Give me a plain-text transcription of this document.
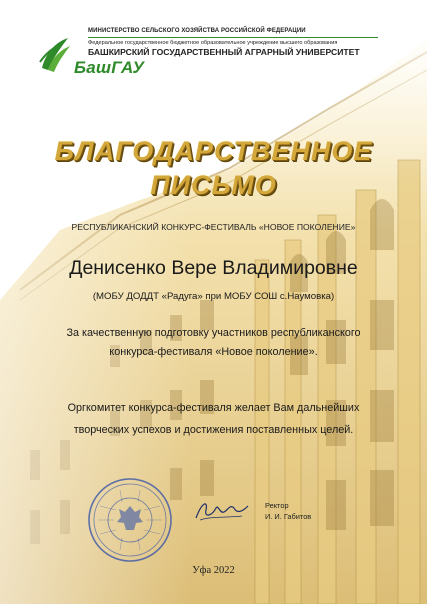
МИНИСТЕРСТВО СЕЛЬСКОГО ХОЗЯЙСТВА РОССИЙСКОЙ ФЕДЕРАЦИИ
Федеральное государственное бюджетное образовательное учреждение высшего образования
БАШКИРСКИЙ ГОСУДАРСТВЕННЫЙ АГРАРНЫЙ УНИВЕРСИТЕТ
БашГАУ
БЛАГОДАРСТВЕННОЕ
ПИСЬМО
РЕСПУБЛИКАНСКИЙ КОНКУРС-ФЕСТИВАЛЬ «НОВОЕ ПОКОЛЕНИЕ»
Денисенко Вере Владимировне
(МОБУ ДОДДТ «Радуга» при МОБУ СОШ с.Наумовка)
За качественную подготовку участников республиканского
конкурса-фестиваля «Новое поколение».
Оргкомитет конкурса-фестиваля желает Вам дальнейших
творческих успехов и достижения поставленных целей.
Ректор
И. И. Габитов
Уфа 2022
